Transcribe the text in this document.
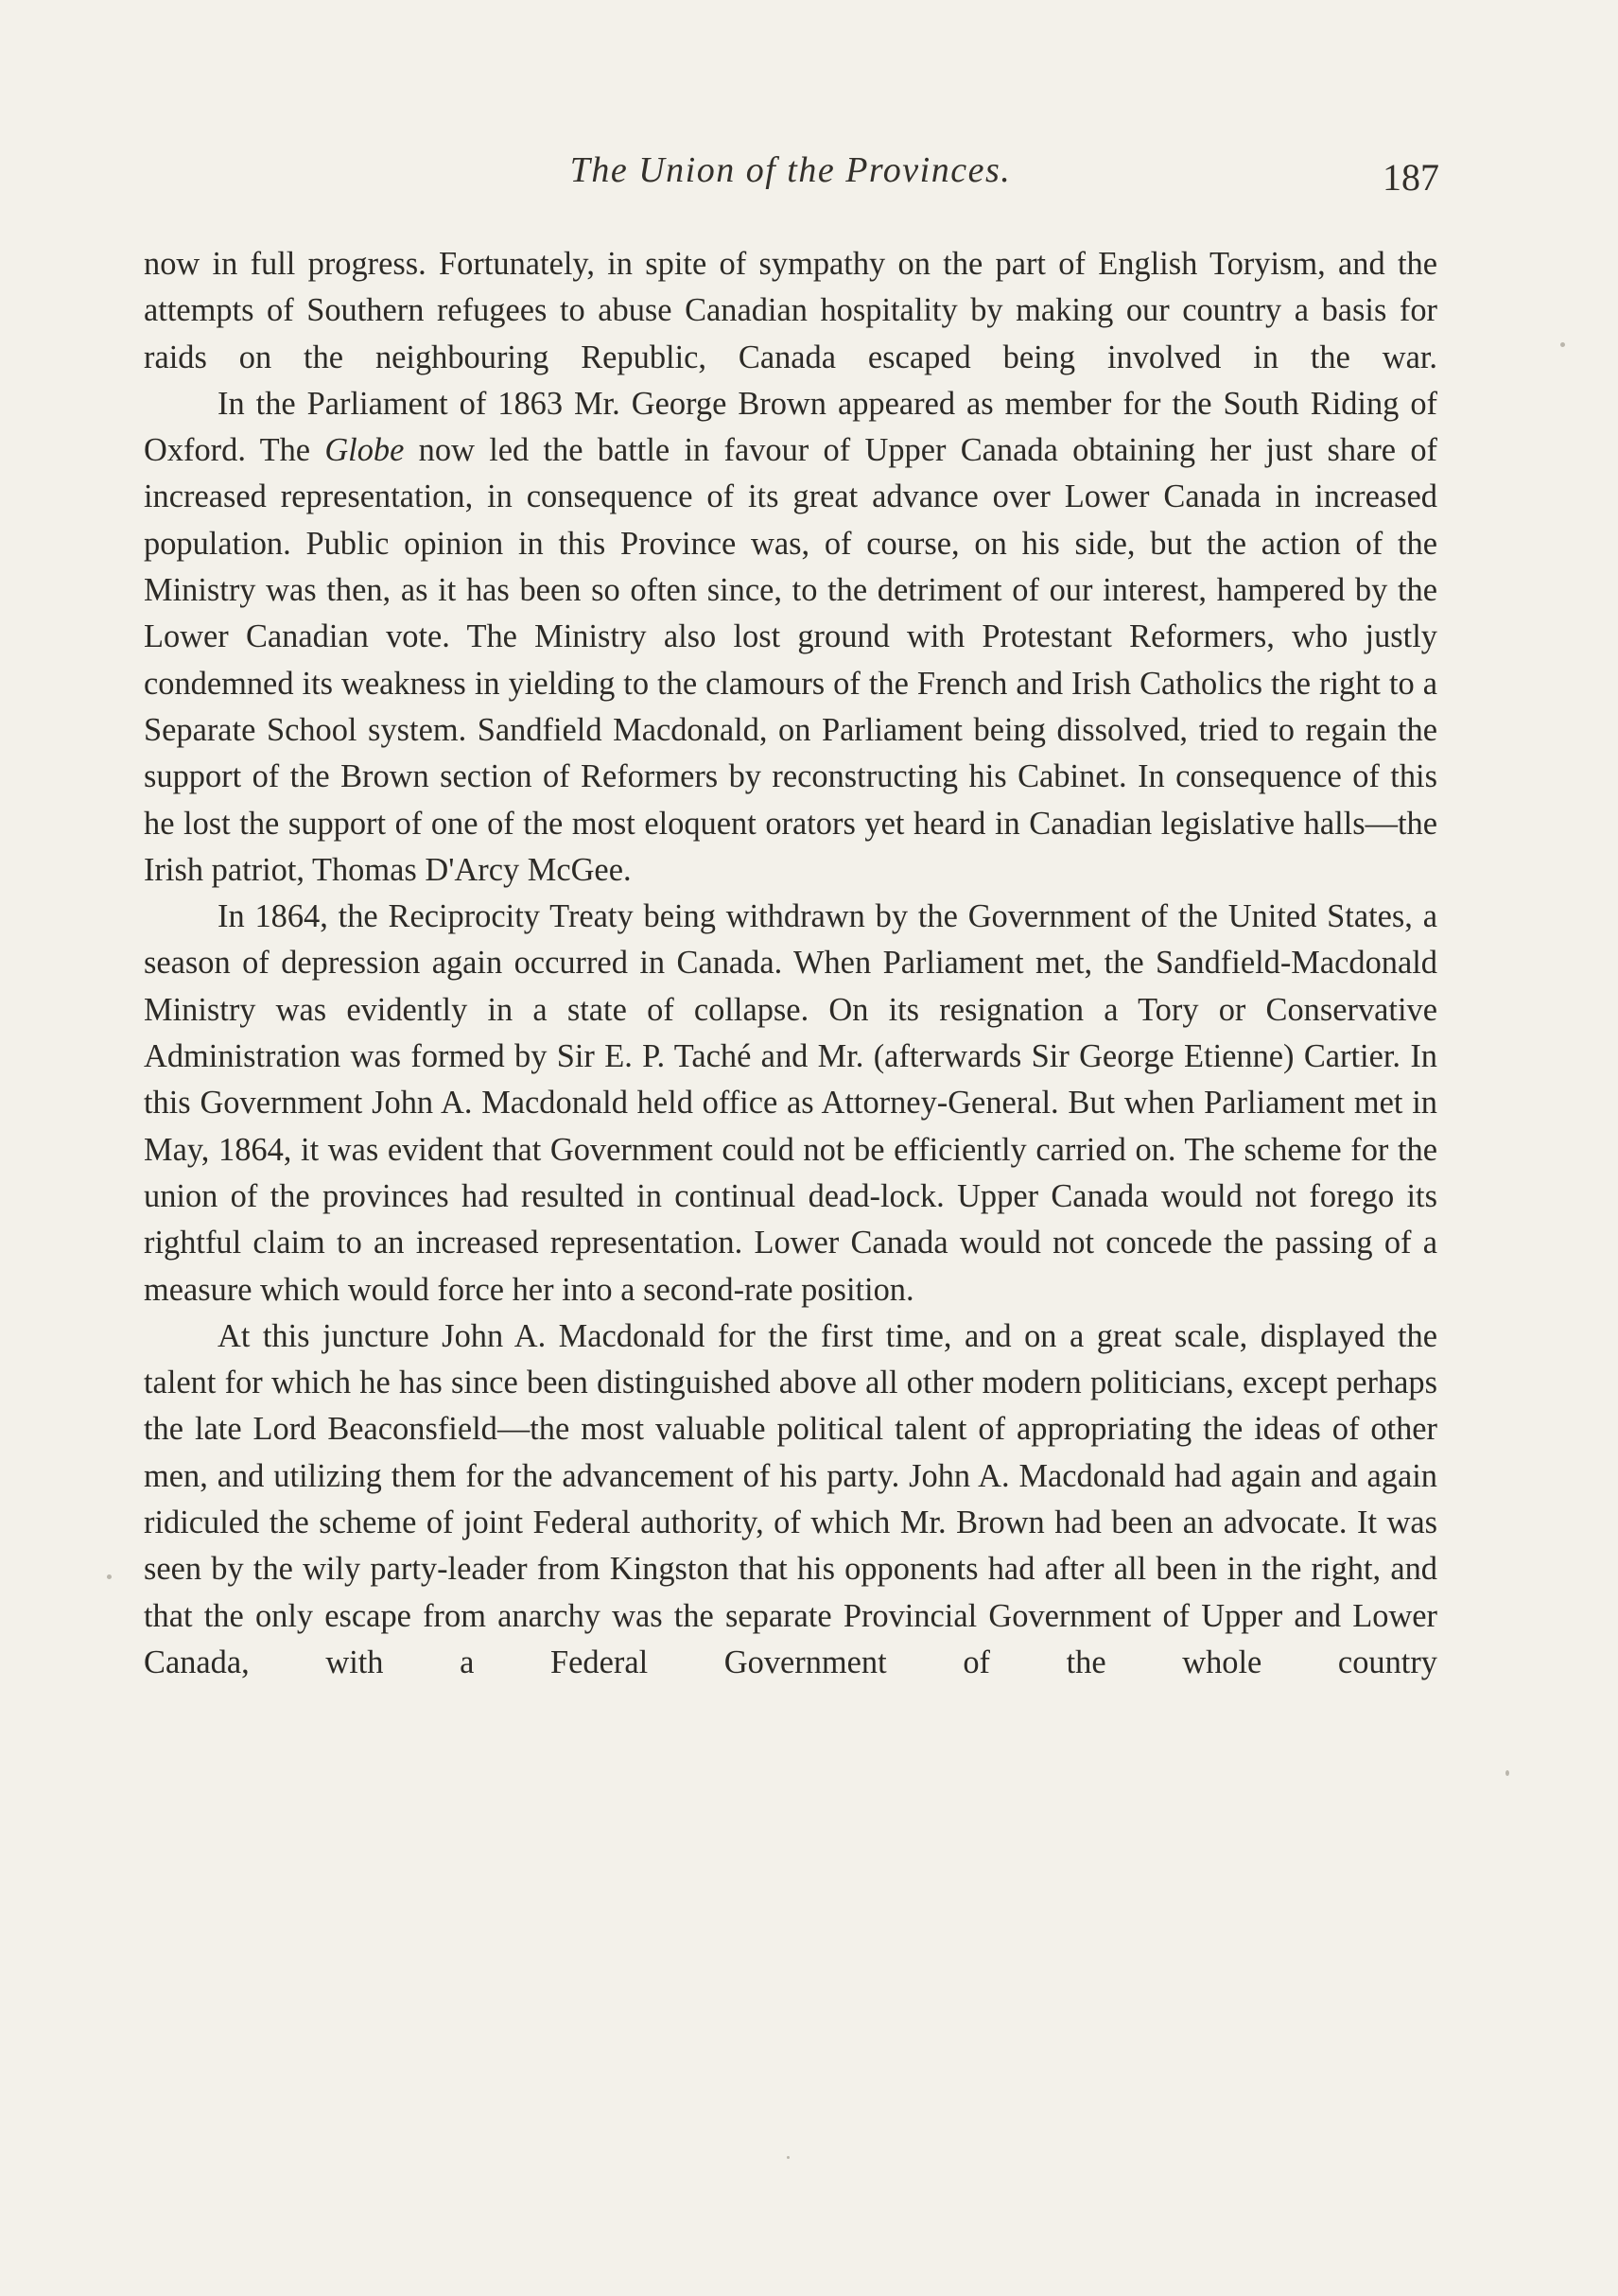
The Union of the Provinces.	187

now in full progress. Fortunately, in spite of sympathy on the part of English Toryism, and the attempts of Southern refugees to abuse Canadian hospitality by making our country a basis for raids on the neighbouring Republic, Canada escaped being involved in the war.

In the Parliament of 1863 Mr. George Brown appeared as member for the South Riding of Oxford. The Globe now led the battle in favour of Upper Canada obtaining her just share of increased representation, in consequence of its great advance over Lower Canada in increased population. Public opinion in this Province was, of course, on his side, but the action of the Ministry was then, as it has been so often since, to the detriment of our interest, hampered by the Lower Canadian vote. The Ministry also lost ground with Protestant Reformers, who justly condemned its weakness in yielding to the clamours of the French and Irish Catholics the right to a Separate School system. Sandfield Macdonald, on Parliament being dissolved, tried to regain the support of the Brown section of Reformers by reconstructing his Cabinet. In consequence of this he lost the support of one of the most eloquent orators yet heard in Canadian legislative halls—the Irish patriot, Thomas D'Arcy McGee.

In 1864, the Reciprocity Treaty being withdrawn by the Government of the United States, a season of depression again occurred in Canada. When Parliament met, the Sandfield-Macdonald Ministry was evidently in a state of collapse. On its resignation a Tory or Conservative Administration was formed by Sir E. P. Taché and Mr. (afterwards Sir George Etienne) Cartier. In this Government John A. Macdonald held office as Attorney-General. But when Parliament met in May, 1864, it was evident that Government could not be efficiently carried on. The scheme for the union of the provinces had resulted in continual dead-lock. Upper Canada would not forego its rightful claim to an increased representation. Lower Canada would not concede the passing of a measure which would force her into a second-rate position.

At this juncture John A. Macdonald for the first time, and on a great scale, displayed the talent for which he has since been distinguished above all other modern politicians, except perhaps the late Lord Beaconsfield—the most valuable political talent of appropriating the ideas of other men, and utilizing them for the advancement of his party. John A. Macdonald had again and again ridiculed the scheme of joint Federal authority, of which Mr. Brown had been an advocate. It was seen by the wily party-leader from Kingston that his opponents had after all been in the right, and that the only escape from anarchy was the separate Provincial Government of Upper and Lower Canada, with a Federal Government of the whole country
